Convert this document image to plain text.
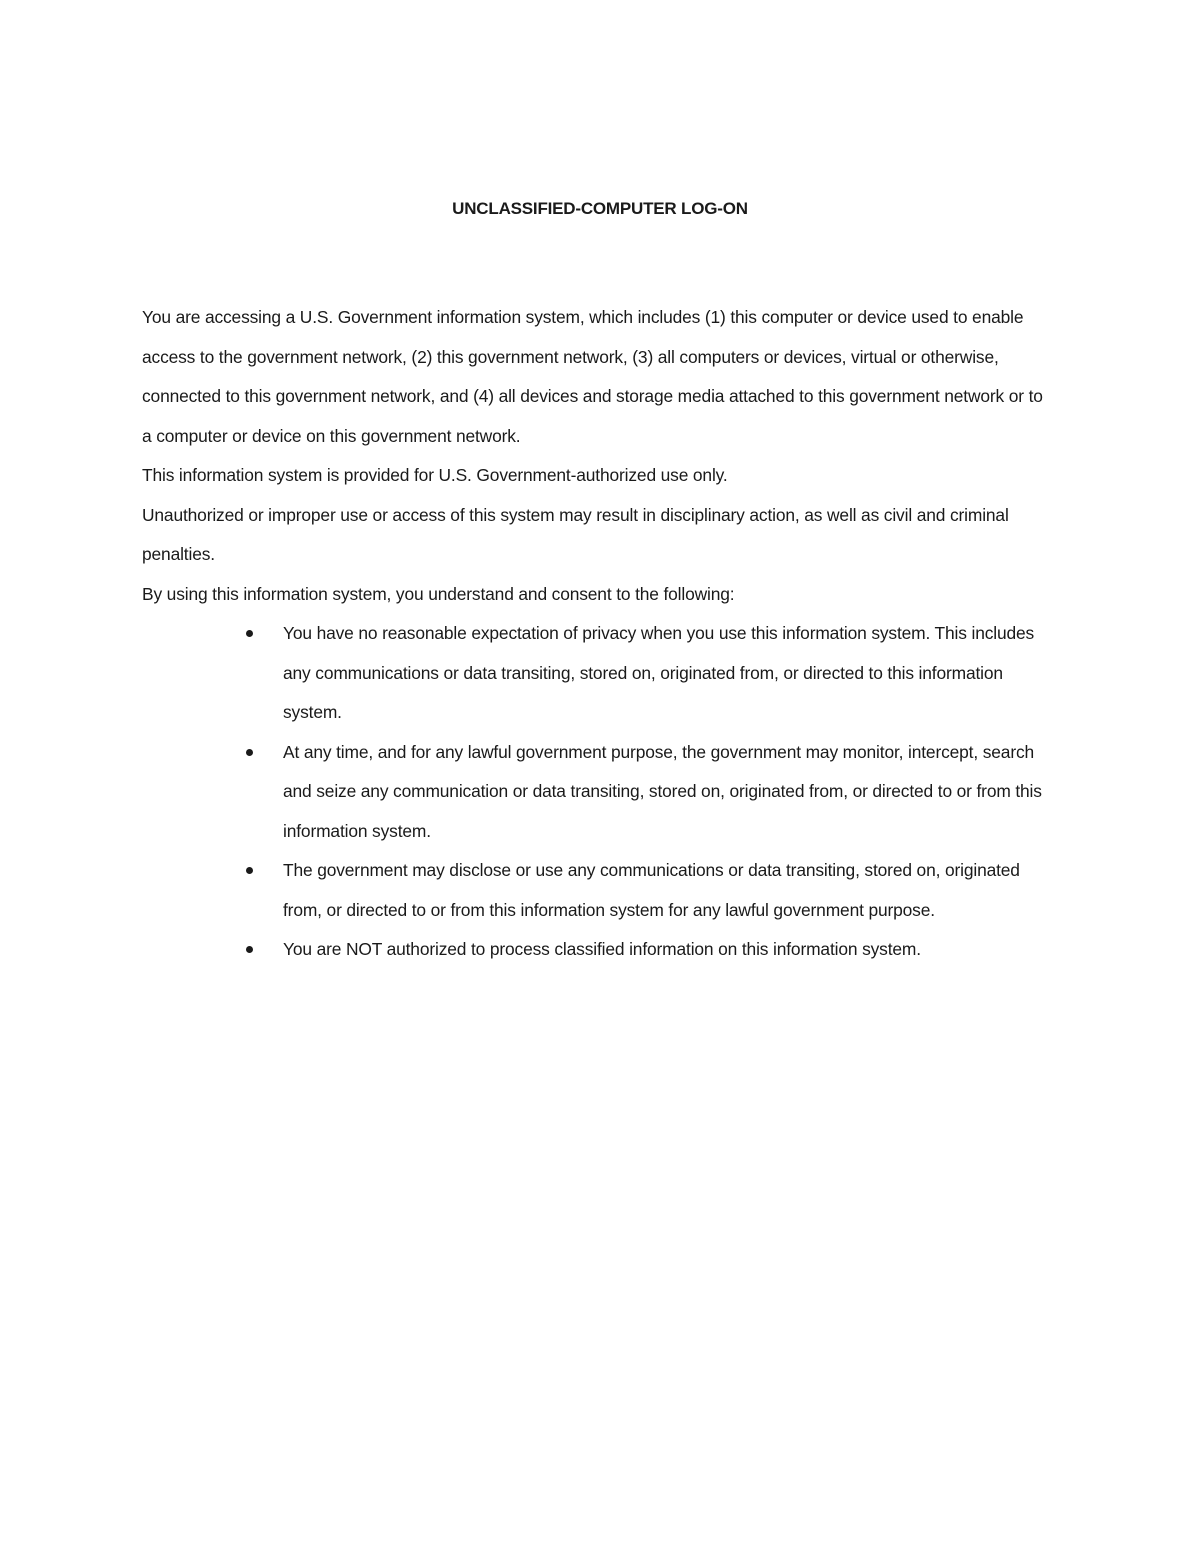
UNCLASSIFIED-COMPUTER LOG-ON

You are accessing a U.S. Government information system, which includes (1) this computer or device used to enable access to the government network, (2) this government network, (3) all computers or devices, virtual or otherwise, connected to this government network, and (4) all devices and storage media attached to this government network or to a computer or device on this government network.

This information system is provided for U.S. Government-authorized use only.

Unauthorized or improper use or access of this system may result in disciplinary action, as well as civil and criminal penalties.

By using this information system, you understand and consent to the following:

You have no reasonable expectation of privacy when you use this information system. This includes any communications or data transiting, stored on, originated from, or directed to this information system.
At any time, and for any lawful government purpose, the government may monitor, intercept, search and seize any communication or data transiting, stored on, originated from, or directed to or from this information system.
The government may disclose or use any communications or data transiting, stored on, originated from, or directed to or from this information system for any lawful government purpose.
You are NOT authorized to process classified information on this information system.
